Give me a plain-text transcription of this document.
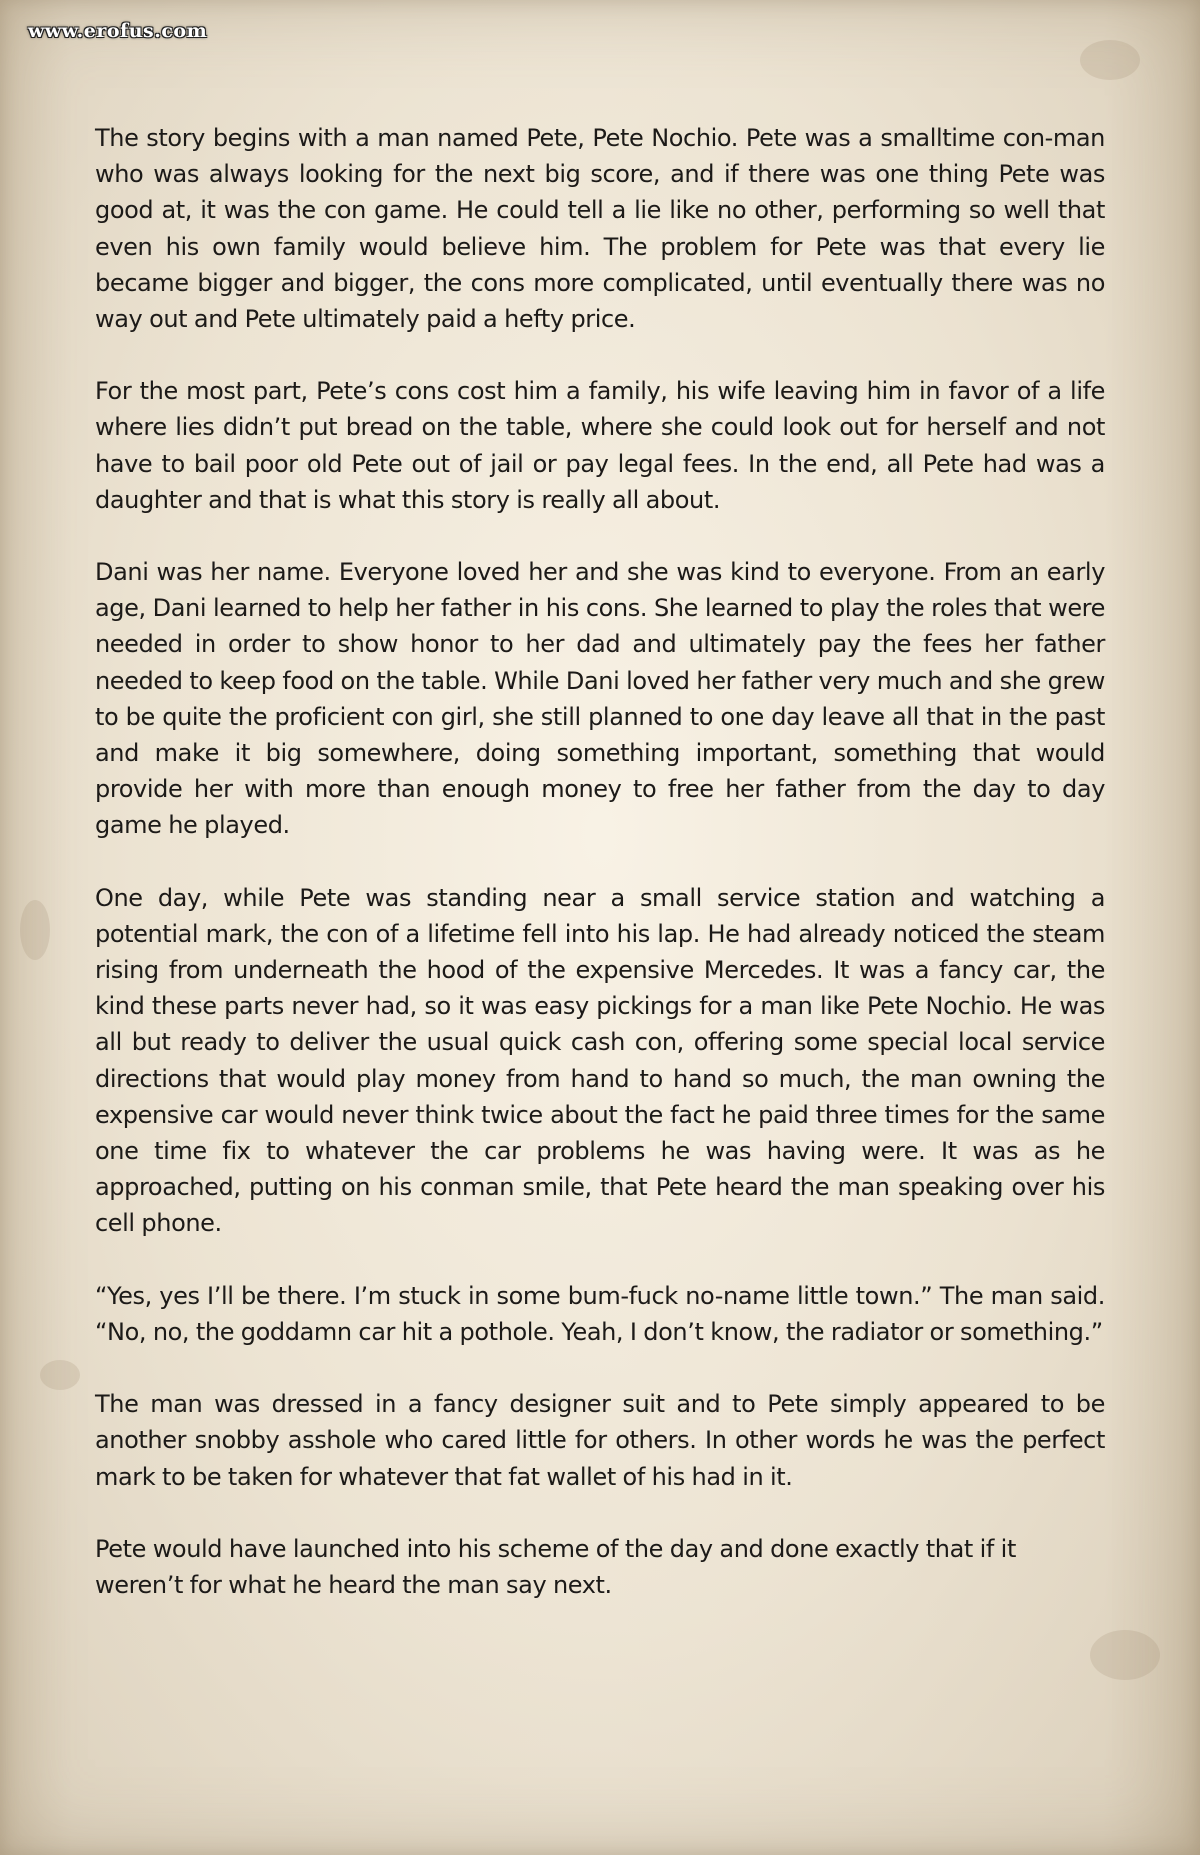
www.erofus.com

The story begins with a man named Pete, Pete Nochio. Pete was a smalltime con-man who was always looking for the next big score, and if there was one thing Pete was good at, it was the con game. He could tell a lie like no other, performing so well that even his own family would believe him. The problem for Pete was that every lie became bigger and bigger, the cons more complicated, until eventually there was no way out and Pete ultimately paid a hefty price.

For the most part, Pete’s cons cost him a family, his wife leaving him in favor of a life where lies didn’t put bread on the table, where she could look out for herself and not have to bail poor old Pete out of jail or pay legal fees. In the end, all Pete had was a daughter and that is what this story is really all about.

Dani was her name. Everyone loved her and she was kind to everyone. From an early age, Dani learned to help her father in his cons. She learned to play the roles that were needed in order to show honor to her dad and ultimately pay the fees her father needed to keep food on the table. While Dani loved her father very much and she grew to be quite the proficient con girl, she still planned to one day leave all that in the past and make it big somewhere, doing something important, something that would provide her with more than enough money to free her father from the day to day game he played.

One day, while Pete was standing near a small service station and watching a potential mark, the con of a lifetime fell into his lap. He had already noticed the steam rising from underneath the hood of the expensive Mercedes. It was a fancy car, the kind these parts never had, so it was easy pickings for a man like Pete Nochio. He was all but ready to deliver the usual quick cash con, offering some special local service directions that would play money from hand to hand so much, the man owning the expensive car would never think twice about the fact he paid three times for the same one time fix to whatever the car problems he was having were. It was as he approached, putting on his conman smile, that Pete heard the man speaking over his cell phone.

“Yes, yes I’ll be there. I’m stuck in some bum-fuck no-name little town.” The man said. “No, no, the goddamn car hit a pothole. Yeah, I don’t know, the radiator or something.”

The man was dressed in a fancy designer suit and to Pete simply appeared to be another snobby asshole who cared little for others. In other words he was the perfect mark to be taken for whatever that fat wallet of his had in it.

Pete would have launched into his scheme of the day and done exactly that if it weren’t for what he heard the man say next.
